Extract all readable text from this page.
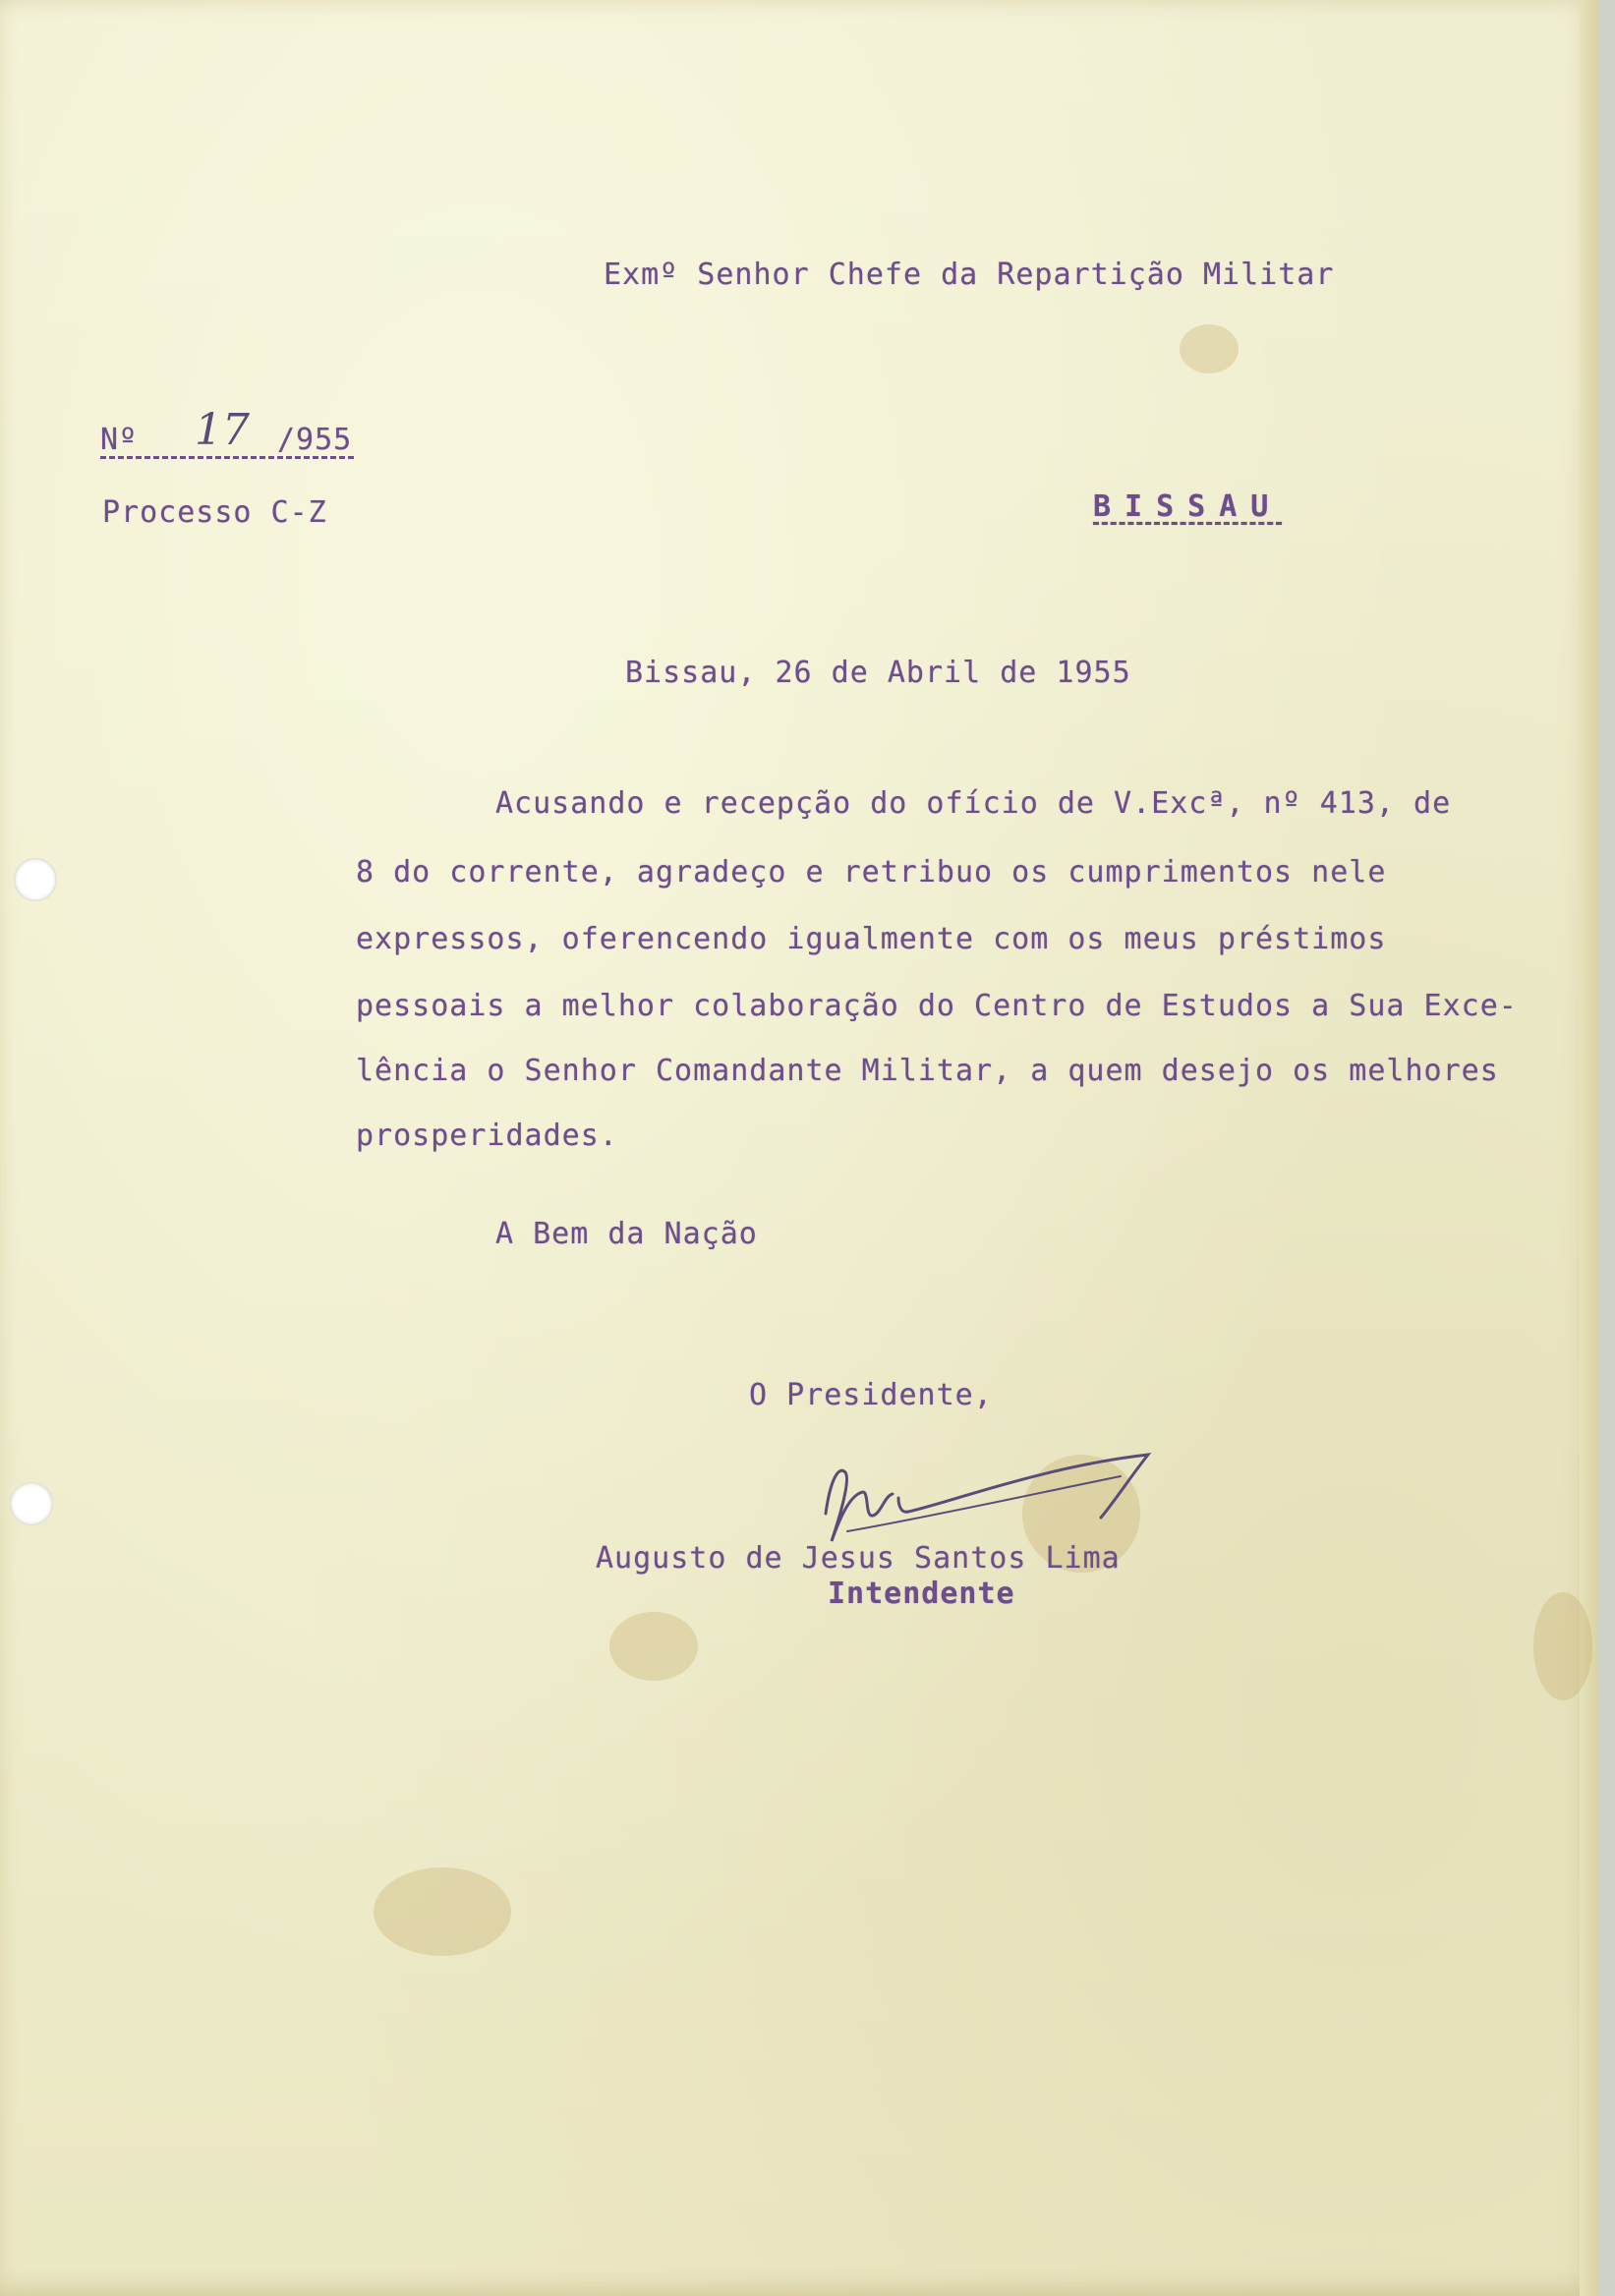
Exmº Senhor Chefe da Repartição Militar
Nº 17 /955
Processo C-Z	BISSAU
Bissau, 26 de Abril de 1955
Acusando e recepção do ofício de V.Excª, nº 413, de
8 do corrente, agradeço e retribuo os cumprimentos nele
expressos, oferencendo igualmente com os meus préstimos
pessoais a melhor colaboração do Centro de Estudos a Sua Exce-
lência o Senhor Comandante Militar, a quem desejo os melhores
prosperidades.
A Bem da Nação
O Presidente,
Augusto de Jesus Santos Lima
Intendente
